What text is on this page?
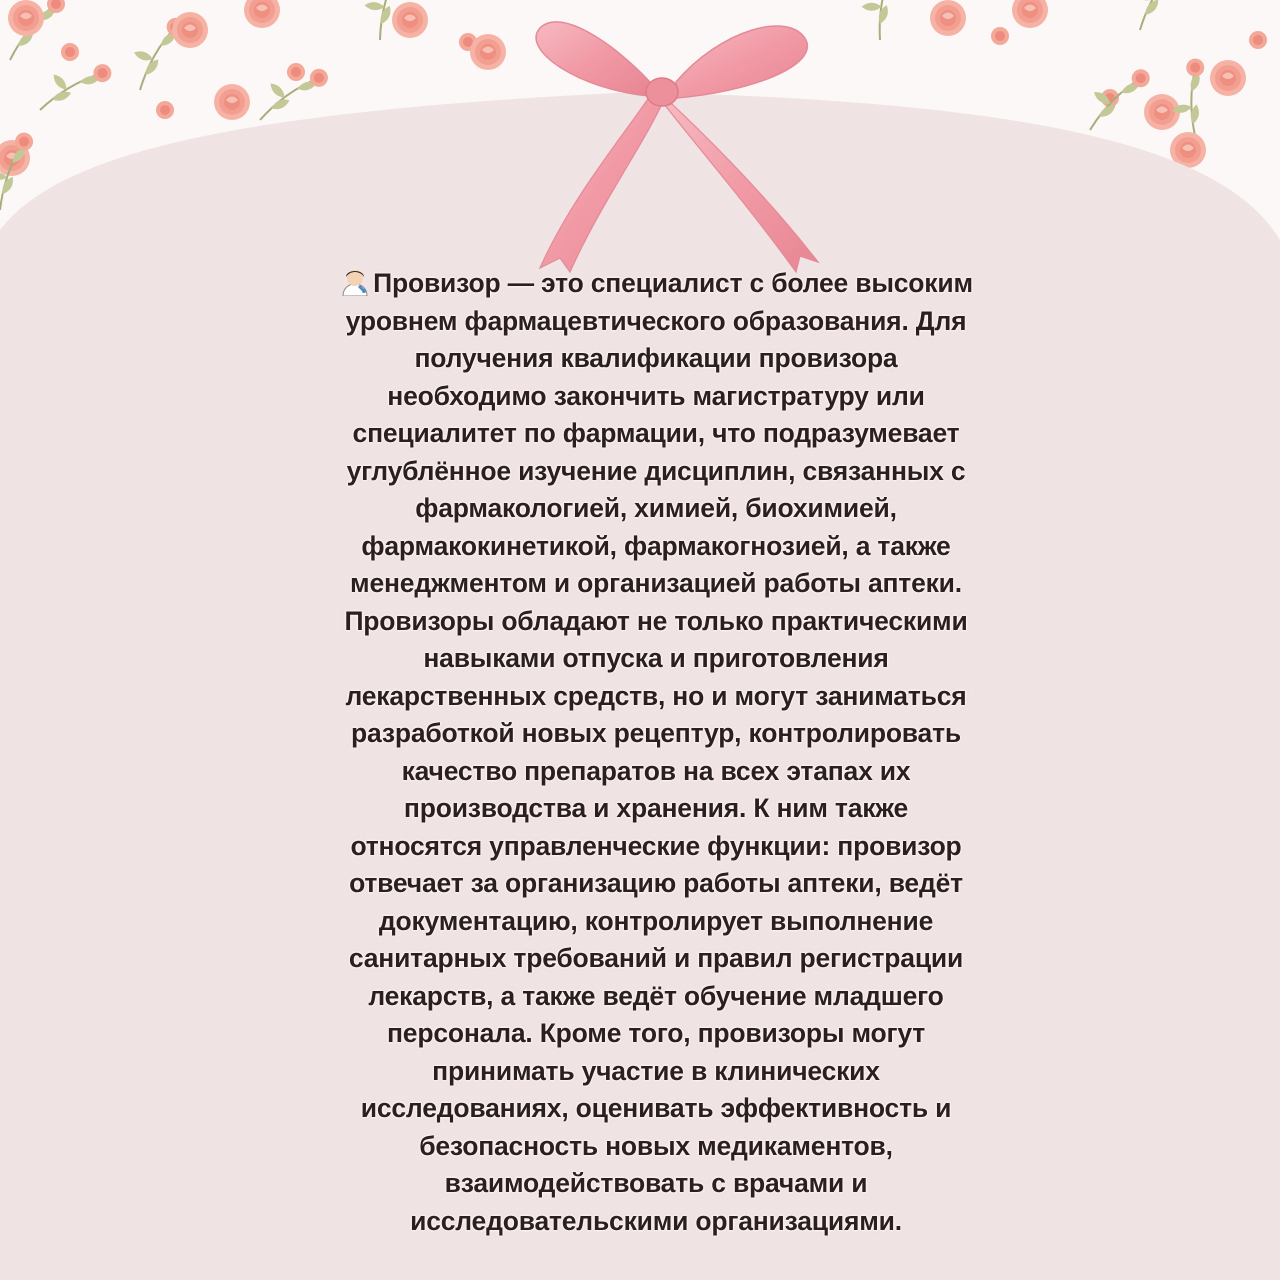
Провизор — это специалист с более высоким
уровнем фармацевтического образования. Для
получения квалификации провизора
необходимо закончить магистратуру или
специалитет по фармации, что подразумевает
углублённое изучение дисциплин, связанных с
фармакологией, химией, биохимией,
фармакокинетикой, фармакогнозией, а также
менеджментом и организацией работы аптеки.
Провизоры обладают не только практическими
навыками отпуска и приготовления
лекарственных средств, но и могут заниматься
разработкой новых рецептур, контролировать
качество препаратов на всех этапах их
производства и хранения. К ним также
относятся управленческие функции: провизор
отвечает за организацию работы аптеки, ведёт
документацию, контролирует выполнение
санитарных требований и правил регистрации
лекарств, а также ведёт обучение младшего
персонала. Кроме того, провизоры могут
принимать участие в клинических
исследованиях, оценивать эффективность и
безопасность новых медикаментов,
взаимодействовать с врачами и
исследовательскими организациями.
